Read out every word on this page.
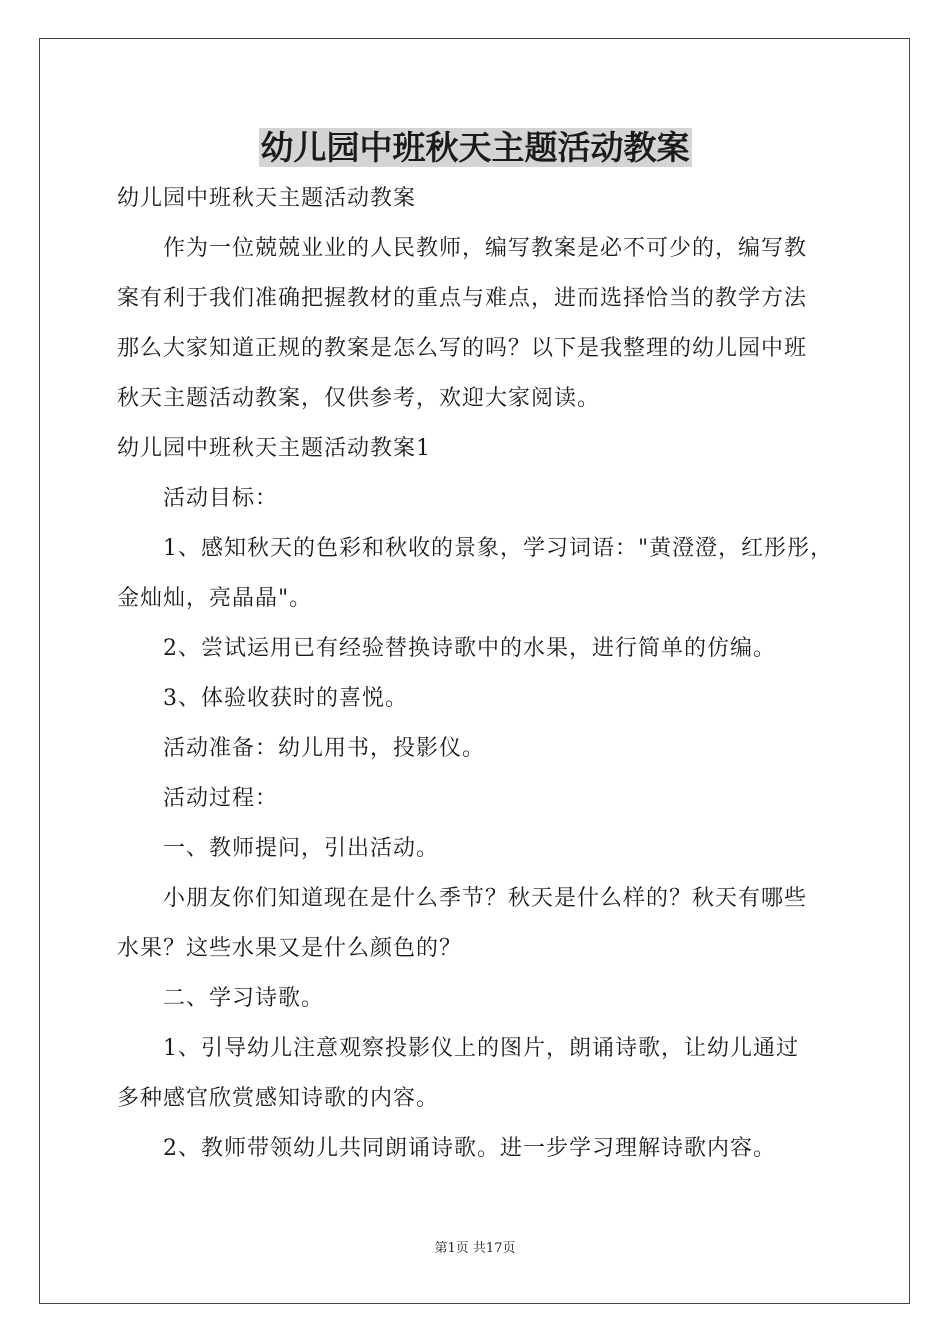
幼儿园中班秋天主题活动教案
幼儿园中班秋天主题活动教案
作为一位兢兢业业的人民教师，编写教案是必不可少的，编写教
案有利于我们准确把握教材的重点与难点，进而选择恰当的教学方法
那么大家知道正规的教案是怎么写的吗？以下是我整理的幼儿园中班
秋天主题活动教案，仅供参考，欢迎大家阅读。
幼儿园中班秋天主题活动教案1
活动目标：
1、感知秋天的色彩和秋收的景象，学习词语："黄澄澄，红彤彤，
金灿灿，亮晶晶"。
2、尝试运用已有经验替换诗歌中的水果，进行简单的仿编。
3、体验收获时的喜悦。
活动准备：幼儿用书，投影仪。
活动过程：
一、教师提问，引出活动。
小朋友你们知道现在是什么季节？秋天是什么样的？秋天有哪些
水果？这些水果又是什么颜色的？
二、学习诗歌。
1、引导幼儿注意观察投影仪上的图片，朗诵诗歌，让幼儿通过
多种感官欣赏感知诗歌的内容。
2、教师带领幼儿共同朗诵诗歌。进一步学习理解诗歌内容。
第1页 共17页
